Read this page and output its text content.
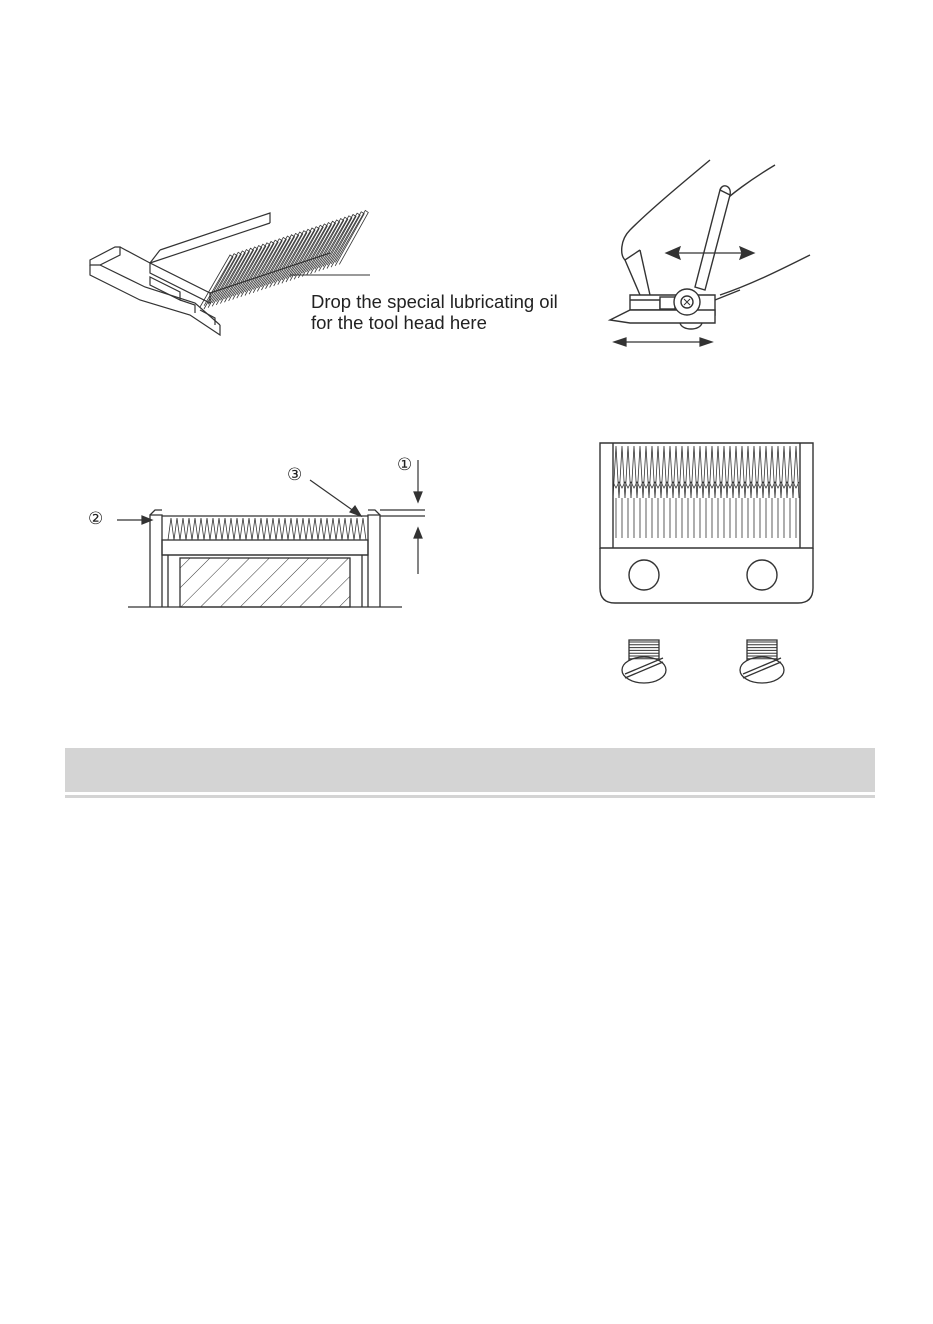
Drop the special lubricating oil
for the tool head here
①
②
③
